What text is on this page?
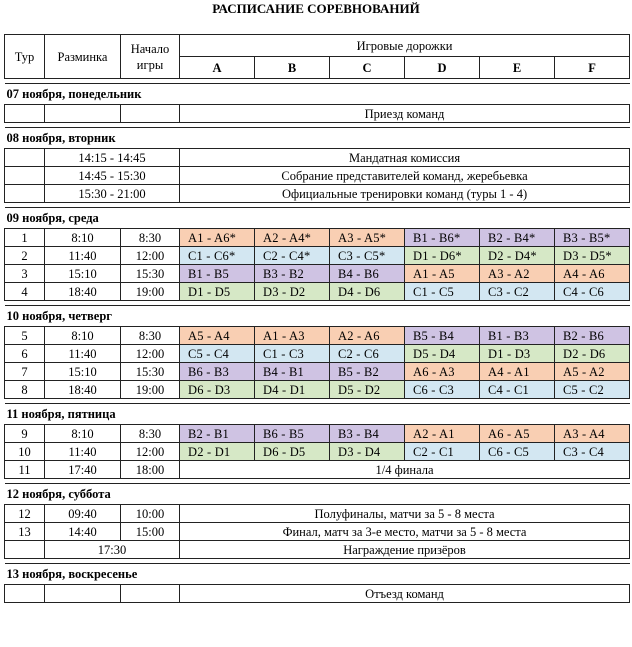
РАСПИСАНИЕ СОРЕВНОВАНИЙ
Тур	Разминка	Начало
игры	Игровые дорожки					
			A	B	C	D	E	F

07 ноября, понедельник								
			Приезд команд					

08 ноября, вторник								
	14:15 - 14:45		Мандатная комиссия					
	14:45 - 15:30		Собрание представителей команд, жеребьевка					
	15:30 - 21:00		Официальные тренировки команд (туры 1 - 4)					

09 ноября, среда								
1	8:10	8:30	A1 - A6*	A2 - A4*	A3 - A5*	B1 - B6*	B2 - B4*	B3 - B5*
2	11:40	12:00	C1 - C6*	C2 - C4*	C3 - C5*	D1 - D6*	D2 - D4*	D3 - D5*
3	15:10	15:30	B1 - B5	B3 - B2	B4 - B6	A1 - A5	A3 - A2	A4 - A6
4	18:40	19:00	D1 - D5	D3 - D2	D4 - D6	C1 - C5	C3 - C2	C4 - C6

10 ноября, четверг								
5	8:10	8:30	A5 - A4	A1 - A3	A2 - A6	B5 - B4	B1 - B3	B2 - B6
6	11:40	12:00	C5 - C4	C1 - C3	C2 - C6	D5 - D4	D1 - D3	D2 - D6
7	15:10	15:30	B6 - B3	B4 - B1	B5 - B2	A6 - A3	A4 - A1	A5 - A2
8	18:40	19:00	D6 - D3	D4 - D1	D5 - D2	C6 - C3	C4 - C1	C5 - C2

11 ноября, пятница								
9	8:10	8:30	B2 - B1	B6 - B5	B3 - B4	A2 - A1	A6 - A5	A3 - A4
10	11:40	12:00	D2 - D1	D6 - D5	D3 - D4	C2 - C1	C6 - C5	C3 - C4
11	17:40	18:00	1/4 финала					

12 ноября, суббота								
12	09:40	10:00	Полуфиналы, матчи за 5 - 8 места					
13	14:40	15:00	Финал, матч за 3-е место, матчи за 5 - 8 места					
	17:30		Награждение призёров					

13 ноября, воскресенье								
			Отъезд команд					
